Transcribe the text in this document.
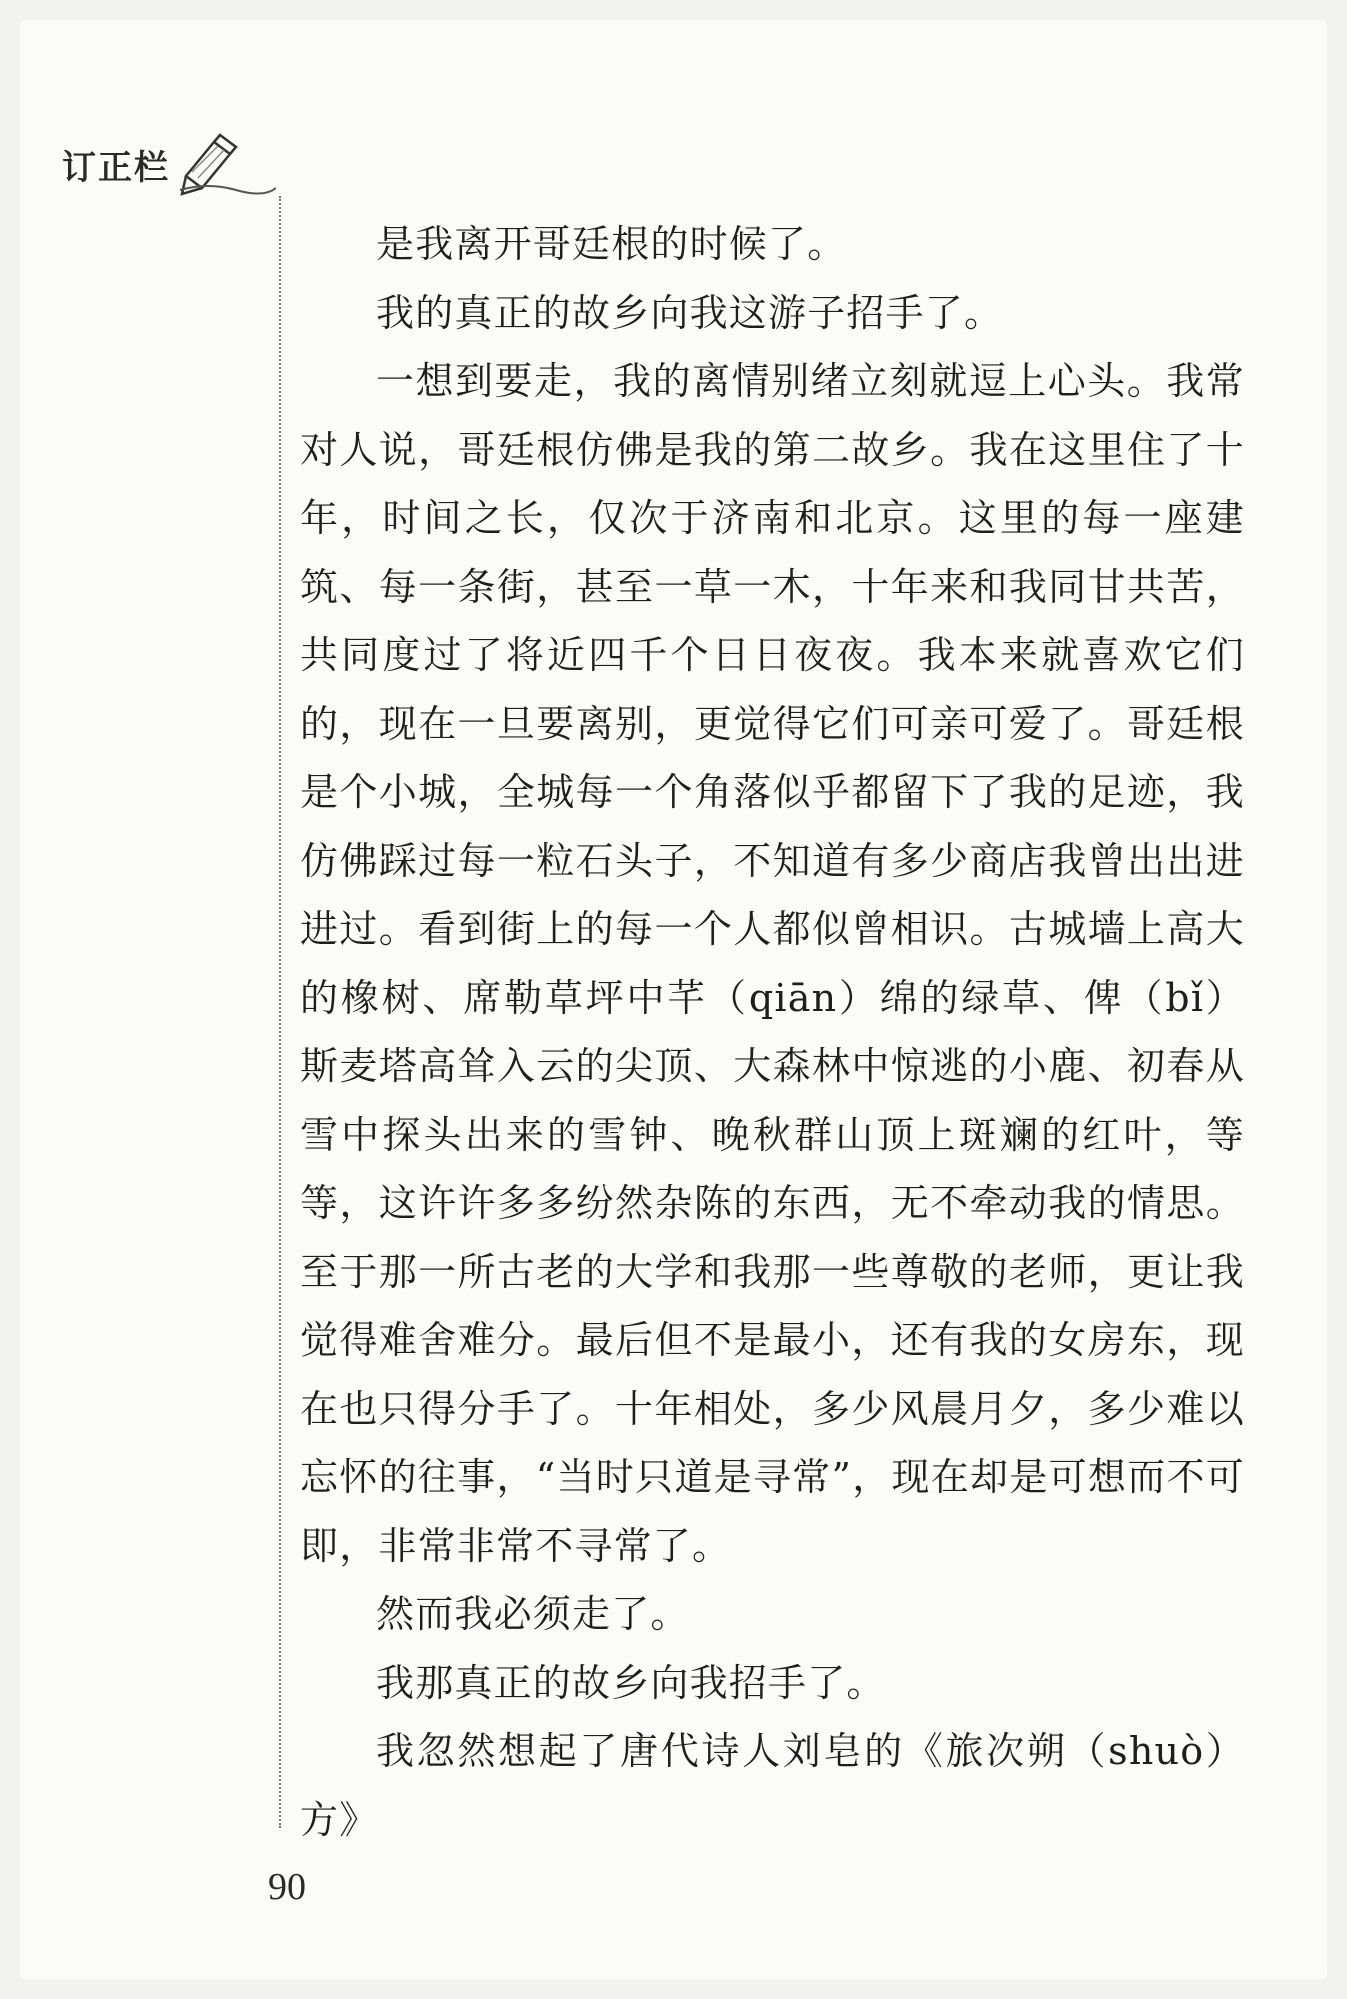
订正栏

是我离开哥廷根的时候了。

我的真正的故乡向我这游子招手了。

一想到要走，我的离情别绪立刻就逗上心头。我常对人说，哥廷根仿佛是我的第二故乡。我在这里住了十年，时间之长，仅次于济南和北京。这里的每一座建筑、每一条街，甚至一草一木，十年来和我同甘共苦，共同度过了将近四千个日日夜夜。我本来就喜欢它们的，现在一旦要离别，更觉得它们可亲可爱了。哥廷根是个小城，全城每一个角落似乎都留下了我的足迹，我仿佛踩过每一粒石头子，不知道有多少商店我曾出出进进过。看到街上的每一个人都似曾相识。古城墙上高大的橡树、席勒草坪中芊（qiān）绵的绿草、俾（bǐ）斯麦塔高耸入云的尖顶、大森林中惊逃的小鹿、初春从雪中探头出来的雪钟、晚秋群山顶上斑斓的红叶，等等，这许许多多纷然杂陈的东西，无不牵动我的情思。至于那一所古老的大学和我那一些尊敬的老师，更让我觉得难舍难分。最后但不是最小，还有我的女房东，现在也只得分手了。十年相处，多少风晨月夕，多少难以忘怀的往事，“当时只道是寻常”，现在却是可想而不可即，非常非常不寻常了。

然而我必须走了。

我那真正的故乡向我招手了。

我忽然想起了唐代诗人刘皂的《旅次朔（shuò）方》

90
